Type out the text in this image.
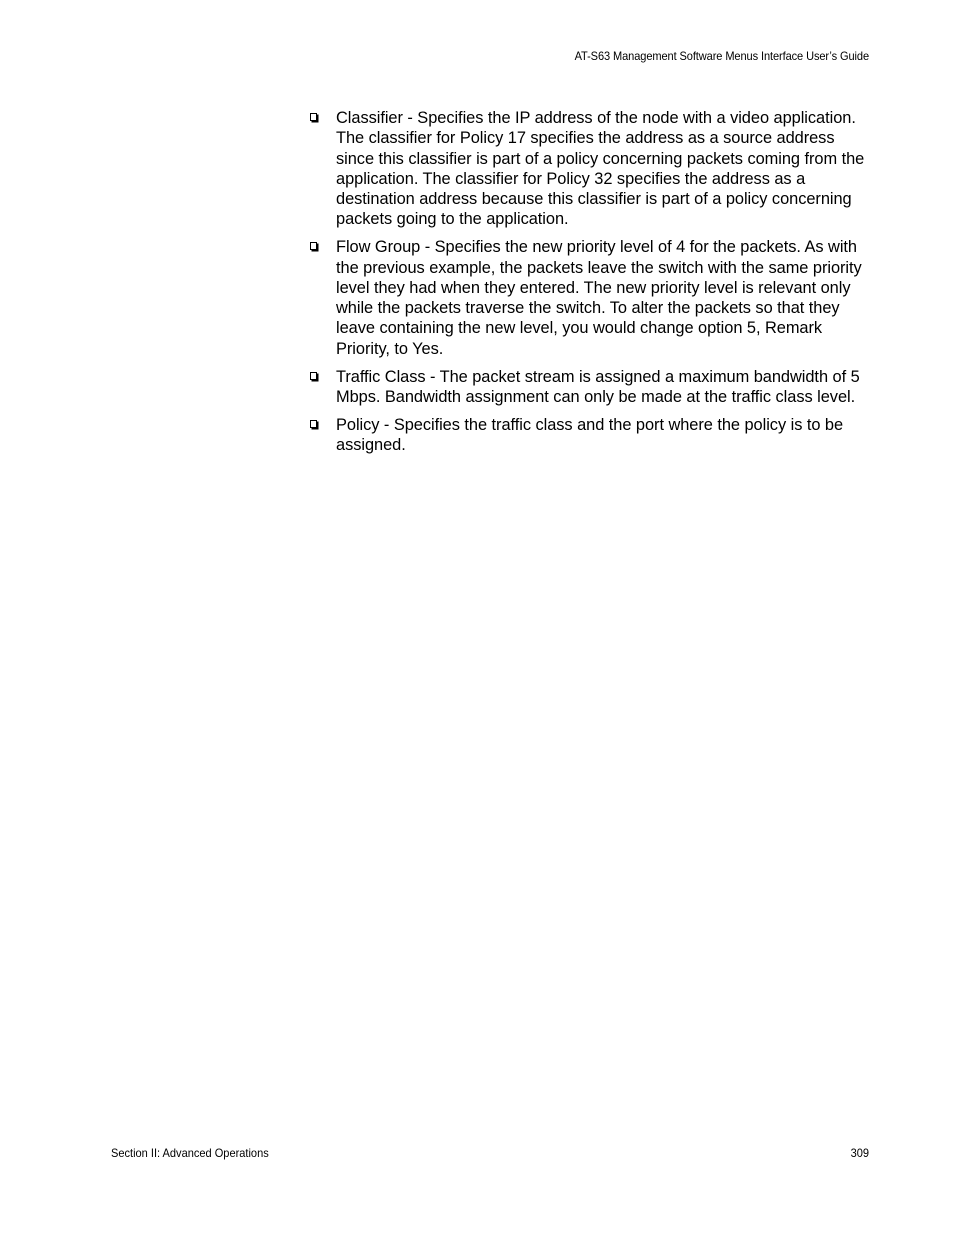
AT-S63 Management Software Menus Interface User’s Guide
Classifier - Specifies the IP address of the node with a video application. The classifier for Policy 17 specifies the address as a source address since this classifier is part of a policy concerning packets coming from the application. The classifier for Policy 32 specifies the address as a destination address because this classifier is part of a policy concerning packets going to the application.
Flow Group - Specifies the new priority level of 4 for the packets. As with the previous example, the packets leave the switch with the same priority level they had when they entered. The new priority level is relevant only while the packets traverse the switch. To alter the packets so that they leave containing the new level, you would change option 5, Remark Priority, to Yes.
Traffic Class - The packet stream is assigned a maximum bandwidth of 5 Mbps. Bandwidth assignment can only be made at the traffic class level.
Policy - Specifies the traffic class and the port where the policy is to be assigned.
Section II: Advanced Operations	309
